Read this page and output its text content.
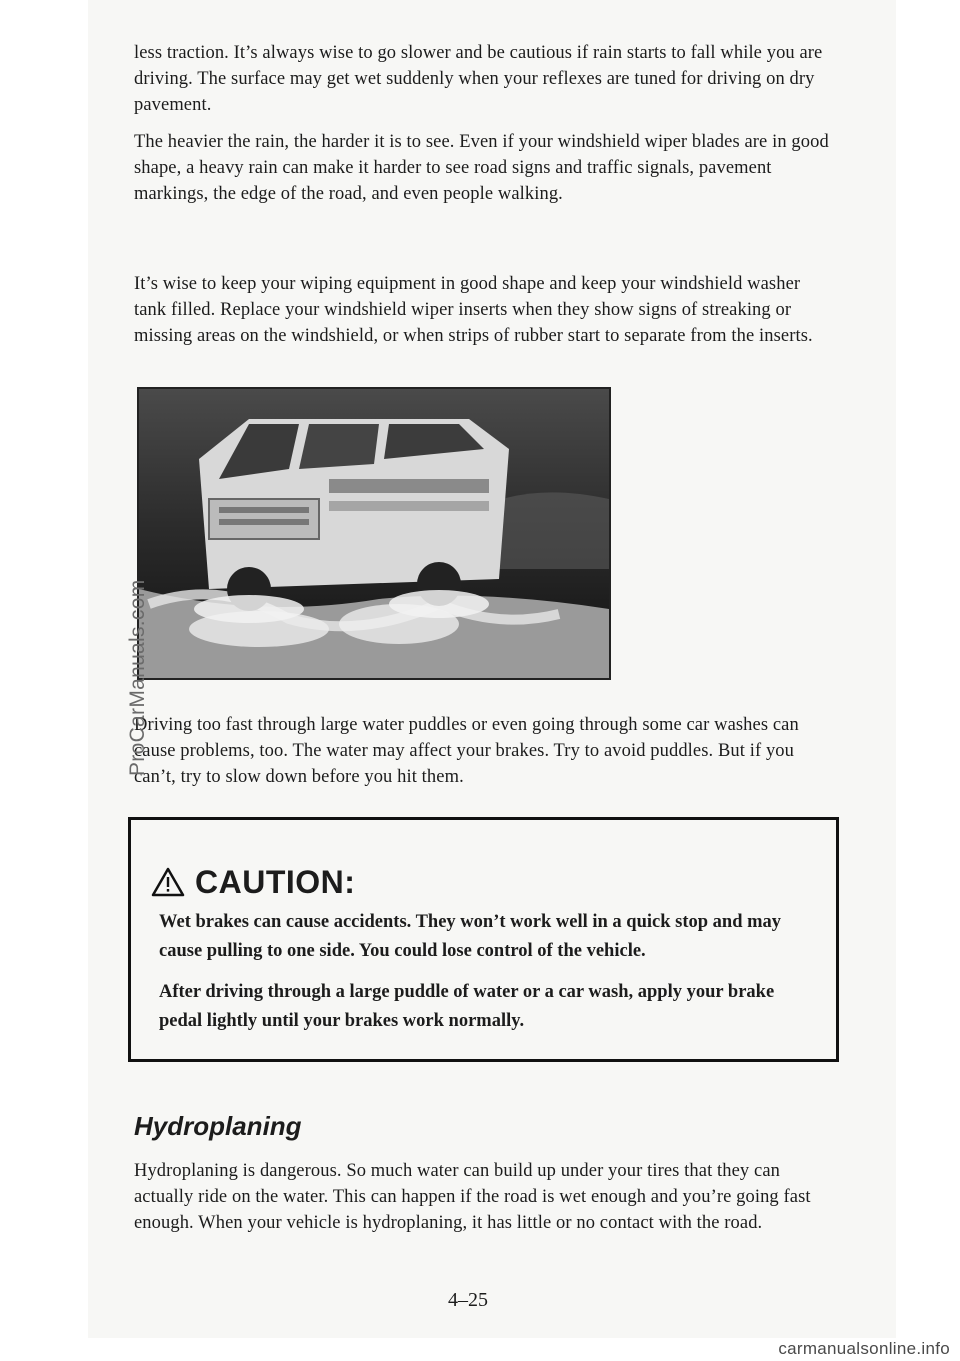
less traction. It’s always wise to go slower and be cautious if rain starts to fall while you are driving. The surface may get wet suddenly when your reflexes are tuned for driving on dry pavement.

The heavier the rain, the harder it is to see. Even if your windshield wiper blades are in good shape, a heavy rain can make it harder to see road signs and traffic signals, pavement markings, the edge of the road, and even people walking.

It’s wise to keep your wiping equipment in good shape and keep your windshield washer tank filled. Replace your windshield wiper inserts when they show signs of streaking or missing areas on the windshield, or when strips of rubber start to separate from the inserts.

Driving too fast through large water puddles or even going through some car washes can cause problems, too. The water may affect your brakes. Try to avoid puddles. But if you can’t, try to slow down before you hit them.

CAUTION:

Wet brakes can cause accidents. They won’t work well in a quick stop and may cause pulling to one side. You could lose control of the vehicle.

After driving through a large puddle of water or a car wash, apply your brake pedal lightly until your brakes work normally.

Hydroplaning

Hydroplaning is dangerous. So much water can build up under your tires that they can actually ride on the water. This can happen if the road is wet enough and you’re going fast enough. When your vehicle is hydroplaning, it has little or no contact with the road.

4–25
ProCarManuals.com
carmanualsonline.info
